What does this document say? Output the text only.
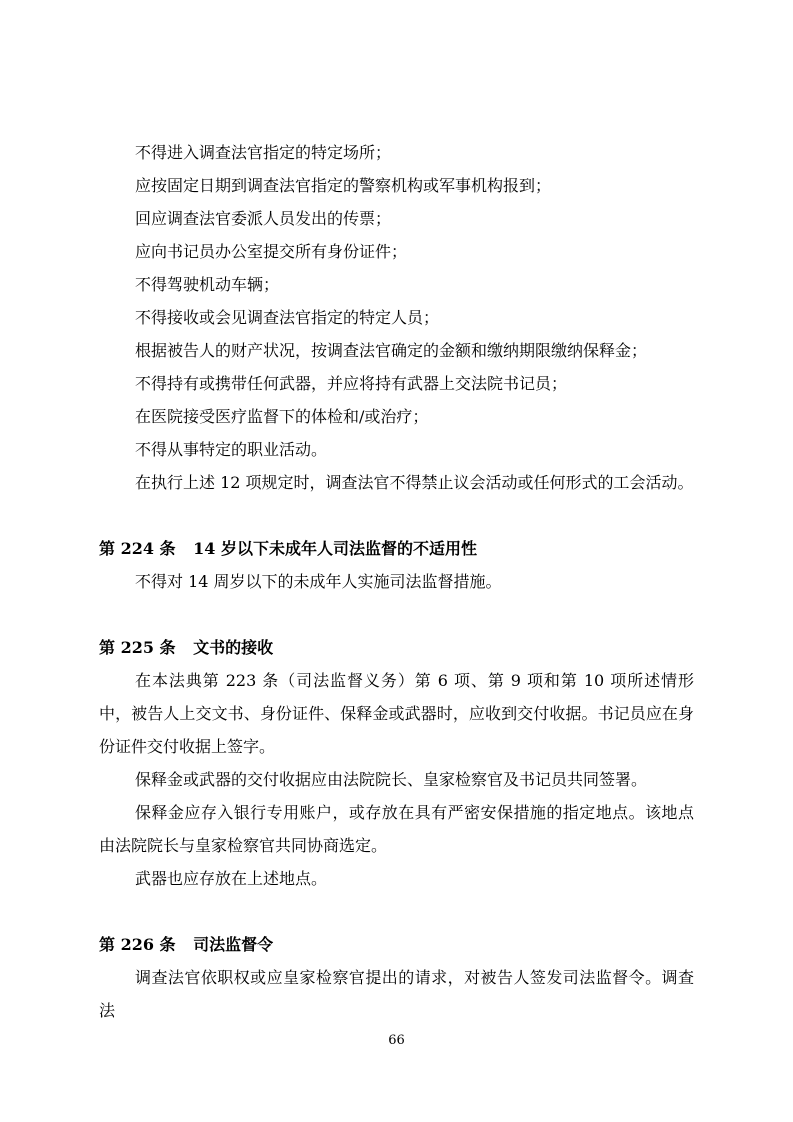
不得进入调查法官指定的特定场所；

应按固定日期到调查法官指定的警察机构或军事机构报到；

回应调查法官委派人员发出的传票；

应向书记员办公室提交所有身份证件；

不得驾驶机动车辆；

不得接收或会见调查法官指定的特定人员；

根据被告人的财产状况，按调查法官确定的金额和缴纳期限缴纳保释金；

不得持有或携带任何武器，并应将持有武器上交法院书记员；

在医院接受医疗监督下的体检和/或治疗；

不得从事特定的职业活动。

在执行上述 12 项规定时，调查法官不得禁止议会活动或任何形式的工会活动。

第 224 条 14 岁以下未成年人司法监督的不适用性

不得对 14 周岁以下的未成年人实施司法监督措施。

第 225 条 文书的接收

在本法典第 223 条（司法监督义务）第 6 项、第 9 项和第 10 项所述情形中，被告人上交文书、身份证件、保释金或武器时，应收到交付收据。书记员应在身份证件交付收据上签字。

保释金或武器的交付收据应由法院院长、皇家检察官及书记员共同签署。

保释金应存入银行专用账户，或存放在具有严密安保措施的指定地点。该地点由法院院长与皇家检察官共同协商选定。

武器也应存放在上述地点。

第 226 条 司法监督令

调查法官依职权或应皇家检察官提出的请求，对被告人签发司法监督令。调查法

66
